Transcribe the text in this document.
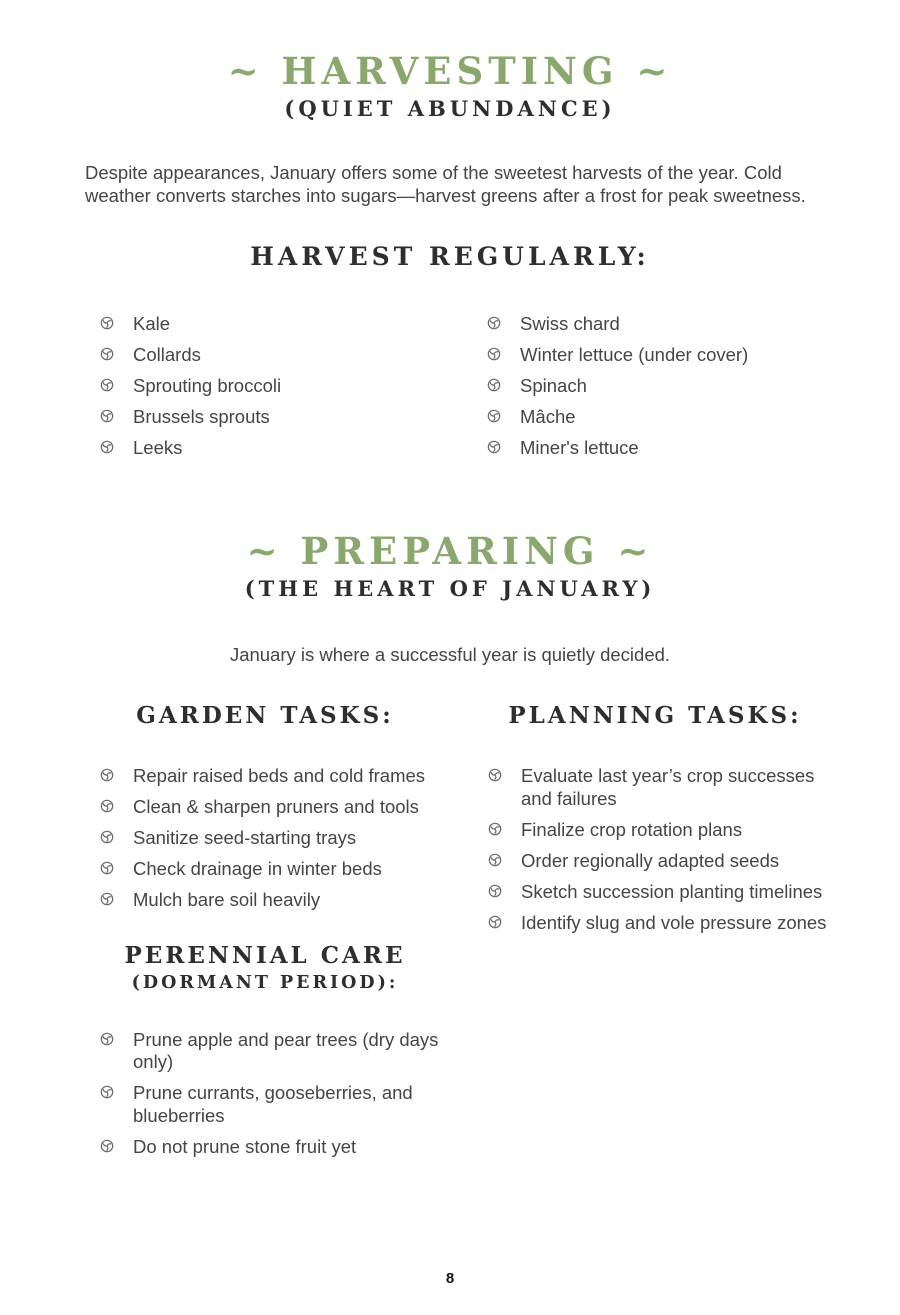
~ HARVESTING ~
(QUIET ABUNDANCE)

Despite appearances, January offers some of the sweetest harvests of the year. Cold weather converts starches into sugars—harvest greens after a frost for peak sweetness.

HARVEST REGULARLY:
Kale
Collards
Sprouting broccoli
Brussels sprouts
Leeks
Swiss chard
Winter lettuce (under cover)
Spinach
Mâche
Miner's lettuce
~ PREPARING ~
(THE HEART OF JANUARY)

January is where a successful year is quietly decided.

GARDEN TASKS:
Repair raised beds and cold frames
Clean & sharpen pruners and tools
Sanitize seed-starting trays
Check drainage in winter beds
Mulch bare soil heavily
PERENNIAL CARE
(DORMANT PERIOD):
Prune apple and pear trees (dry days only)
Prune currants, gooseberries, and blueberries
Do not prune stone fruit yet
PLANNING TASKS:
Evaluate last year’s crop successes and failures
Finalize crop rotation plans
Order regionally adapted seeds
Sketch succession planting timelines
Identify slug and vole pressure zones
8
